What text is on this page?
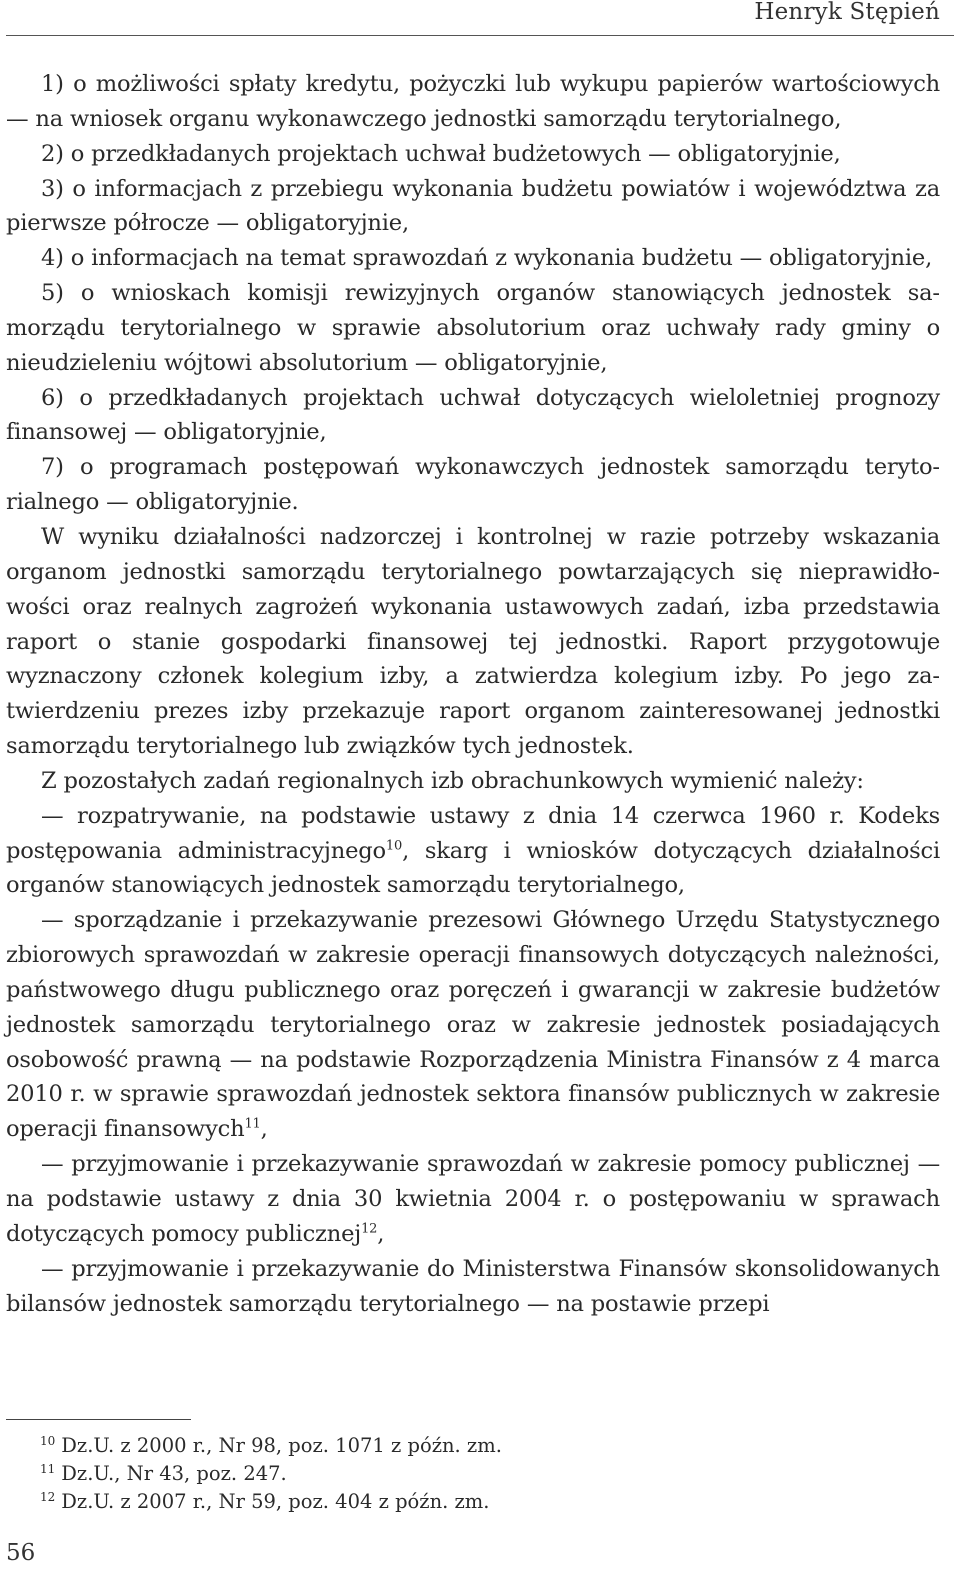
Henryk Stępień

1) o możliwości spłaty kredytu, pożyczki lub wykupu papierów wartościowych — na wniosek organu wykonawczego jednostki samorządu terytorialnego,

2) o przedkładanych projektach uchwał budżetowych — obligatoryjnie,

3) o informacjach z przebiegu wykonania budżetu powiatów i województwa za pierwsze półrocze — obligatoryjnie,

4) o informacjach na temat sprawozdań z wykonania budżetu — obligatoryjnie,

5) o wnioskach komisji rewizyjnych organów stanowiących jednostek samorządu terytorialnego w sprawie absolutorium oraz uchwały rady gminy o nieudzieleniu wójtowi absolutorium — obligatoryjnie,

6) o przedkładanych projektach uchwał dotyczących wieloletniej prognozy finansowej — obligatoryjnie,

7) o programach postępowań wykonawczych jednostek samorządu terytorialnego — obligatoryjnie.

W wyniku działalności nadzorczej i kontrolnej w razie potrzeby wskazania organom jednostki samorządu terytorialnego powtarzających się nieprawidłowości oraz realnych zagrożeń wykonania ustawowych zadań, izba przedstawia raport o stanie gospodarki finansowej tej jednostki. Raport przygotowuje wyznaczony członek kolegium izby, a zatwierdza kolegium izby. Po jego zatwierdzeniu prezes izby przekazuje raport organom zainteresowanej jednostki samorządu terytorialnego lub związków tych jednostek.

Z pozostałych zadań regionalnych izb obrachunkowych wymienić należy:

— rozpatrywanie, na podstawie ustawy z dnia 14 czerwca 1960 r. Kodeks postępowania administracyjnego$^{10}$, skarg i wniosków dotyczących działalności organów stanowiących jednostek samorządu terytorialnego,

— sporządzanie i przekazywanie prezesowi Głównego Urzędu Statystycznego zbiorowych sprawozdań w zakresie operacji finansowych dotyczących należności, państwowego długu publicznego oraz poręczeń i gwarancji w zakresie budżetów jednostek samorządu terytorialnego oraz w zakresie jednostek posiadających osobowość prawną — na podstawie Rozporządzenia Ministra Finansów z 4 marca 2010 r. w sprawie sprawozdań jednostek sektora finansów publicznych w zakresie operacji finansowych$^{11}$,

— przyjmowanie i przekazywanie sprawozdań w zakresie pomocy publicznej — na podstawie ustawy z dnia 30 kwietnia 2004 r. o postępowaniu w sprawach dotyczących pomocy publicznej$^{12}$,

— przyjmowanie i przekazywanie do Ministerstwa Finansów skonsolidowanych bilansów jednostek samorządu terytorialnego — na postawie przepi

$^{10}$ Dz.U. z 2000 r., Nr 98, poz. 1071 z późn. zm.
$^{11}$ Dz.U., Nr 43, poz. 247.
$^{12}$ Dz.U. z 2007 r., Nr 59, poz. 404 z późn. zm.
56
